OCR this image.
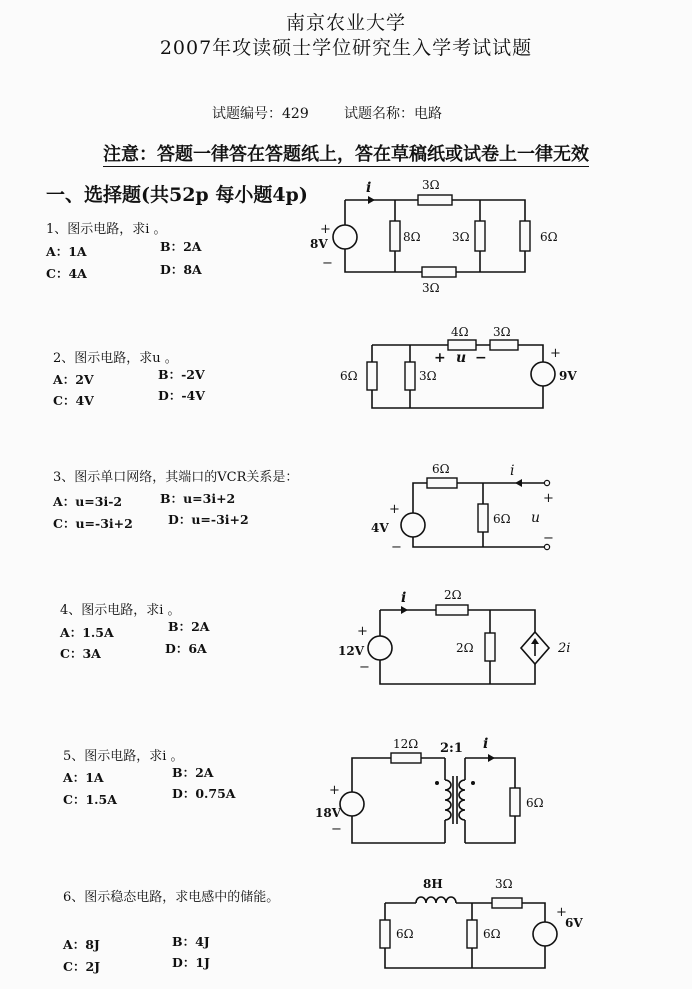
南京农业大学
2007年攻读硕士学位研究生入学考试试题
试题编号：429	试题名称：电路
注意：答题一律答在答题纸上，答在草稿纸或试卷上一律无效
一、选择题(共52p 每小题4p)
1、图示电路，求i 。
A：1A	B：2A
C：4A	D：8A
i	3Ω
8V
+
−
8Ω	3Ω	6Ω
3Ω
2、图示电路，求u 。
A：2V	B：-2V
C：4V	D：-4V
4Ω 3Ω
+ u −
6Ω	3Ω
+
9V
3、图示单口网络，其端口的VCR关系是：
A：u=3i-2	B：u=3i+2
C：u=-3i+2	D：u=-3i+2
6Ω	i
+
4V
−
6Ω
+
u
−
4、图示电路，求i 。
A：1.5A	B：2A
C：3A	D：6A
i	2Ω
+
12V
−
2Ω	2i
5、图示电路，求i 。
A：1A	B：2A
C：1.5A	D：0.75A
12Ω 2:1 i
+
18V
−
6Ω
6、图示稳态电路，求电感中的储能。
A：8J	B：4J
C：2J	D：1J
8H	3Ω
+
6Ω	6Ω
6V
